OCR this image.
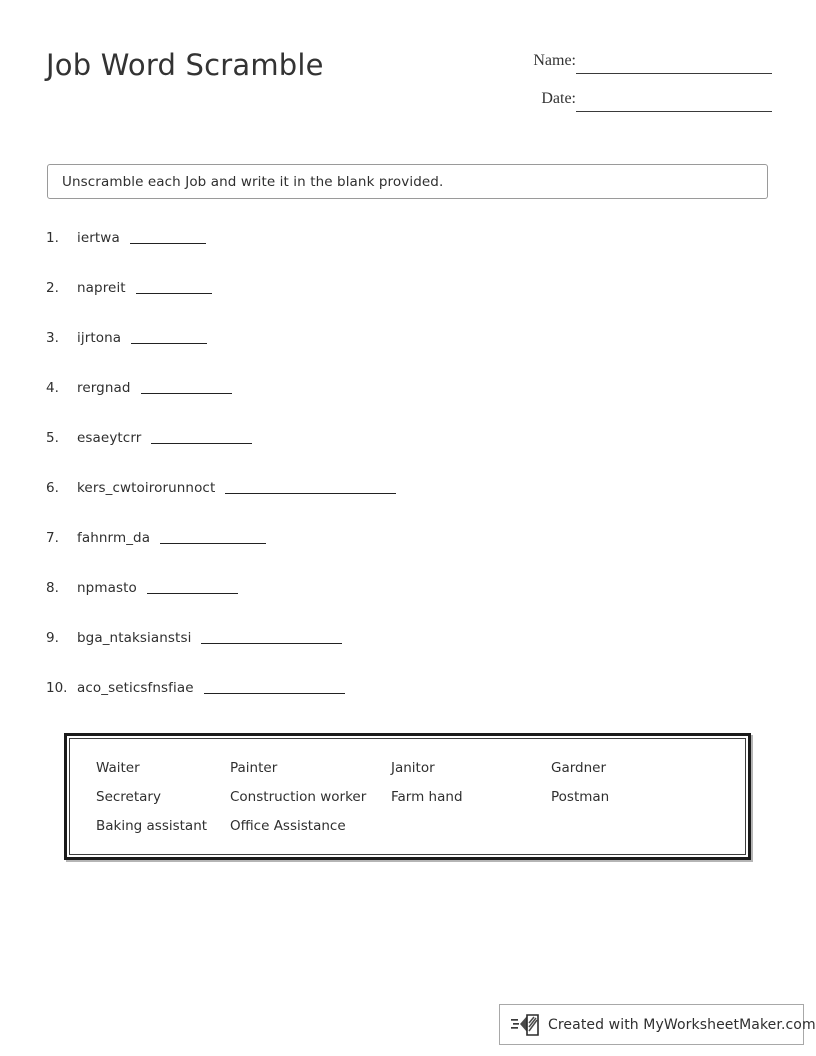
Job Word Scramble	Name:
Date:
Unscramble each Job and write it in the blank provided.
1.	iertwa
2.	napreit
3.	ijrtona
4.	rergnad
5.	esaeytcrr
6.	kers_cwtoirorunnoct
7.	fahnrm_da
8.	npmasto
9.	bga_ntaksianstsi
10. aco_seticsfnsfiae
Waiter	Painter	Janitor	Gardner
Secretary	Construction worker	Farm hand	Postman
Baking assistant	Office Assistance
Created with MyWorksheetMaker.com
